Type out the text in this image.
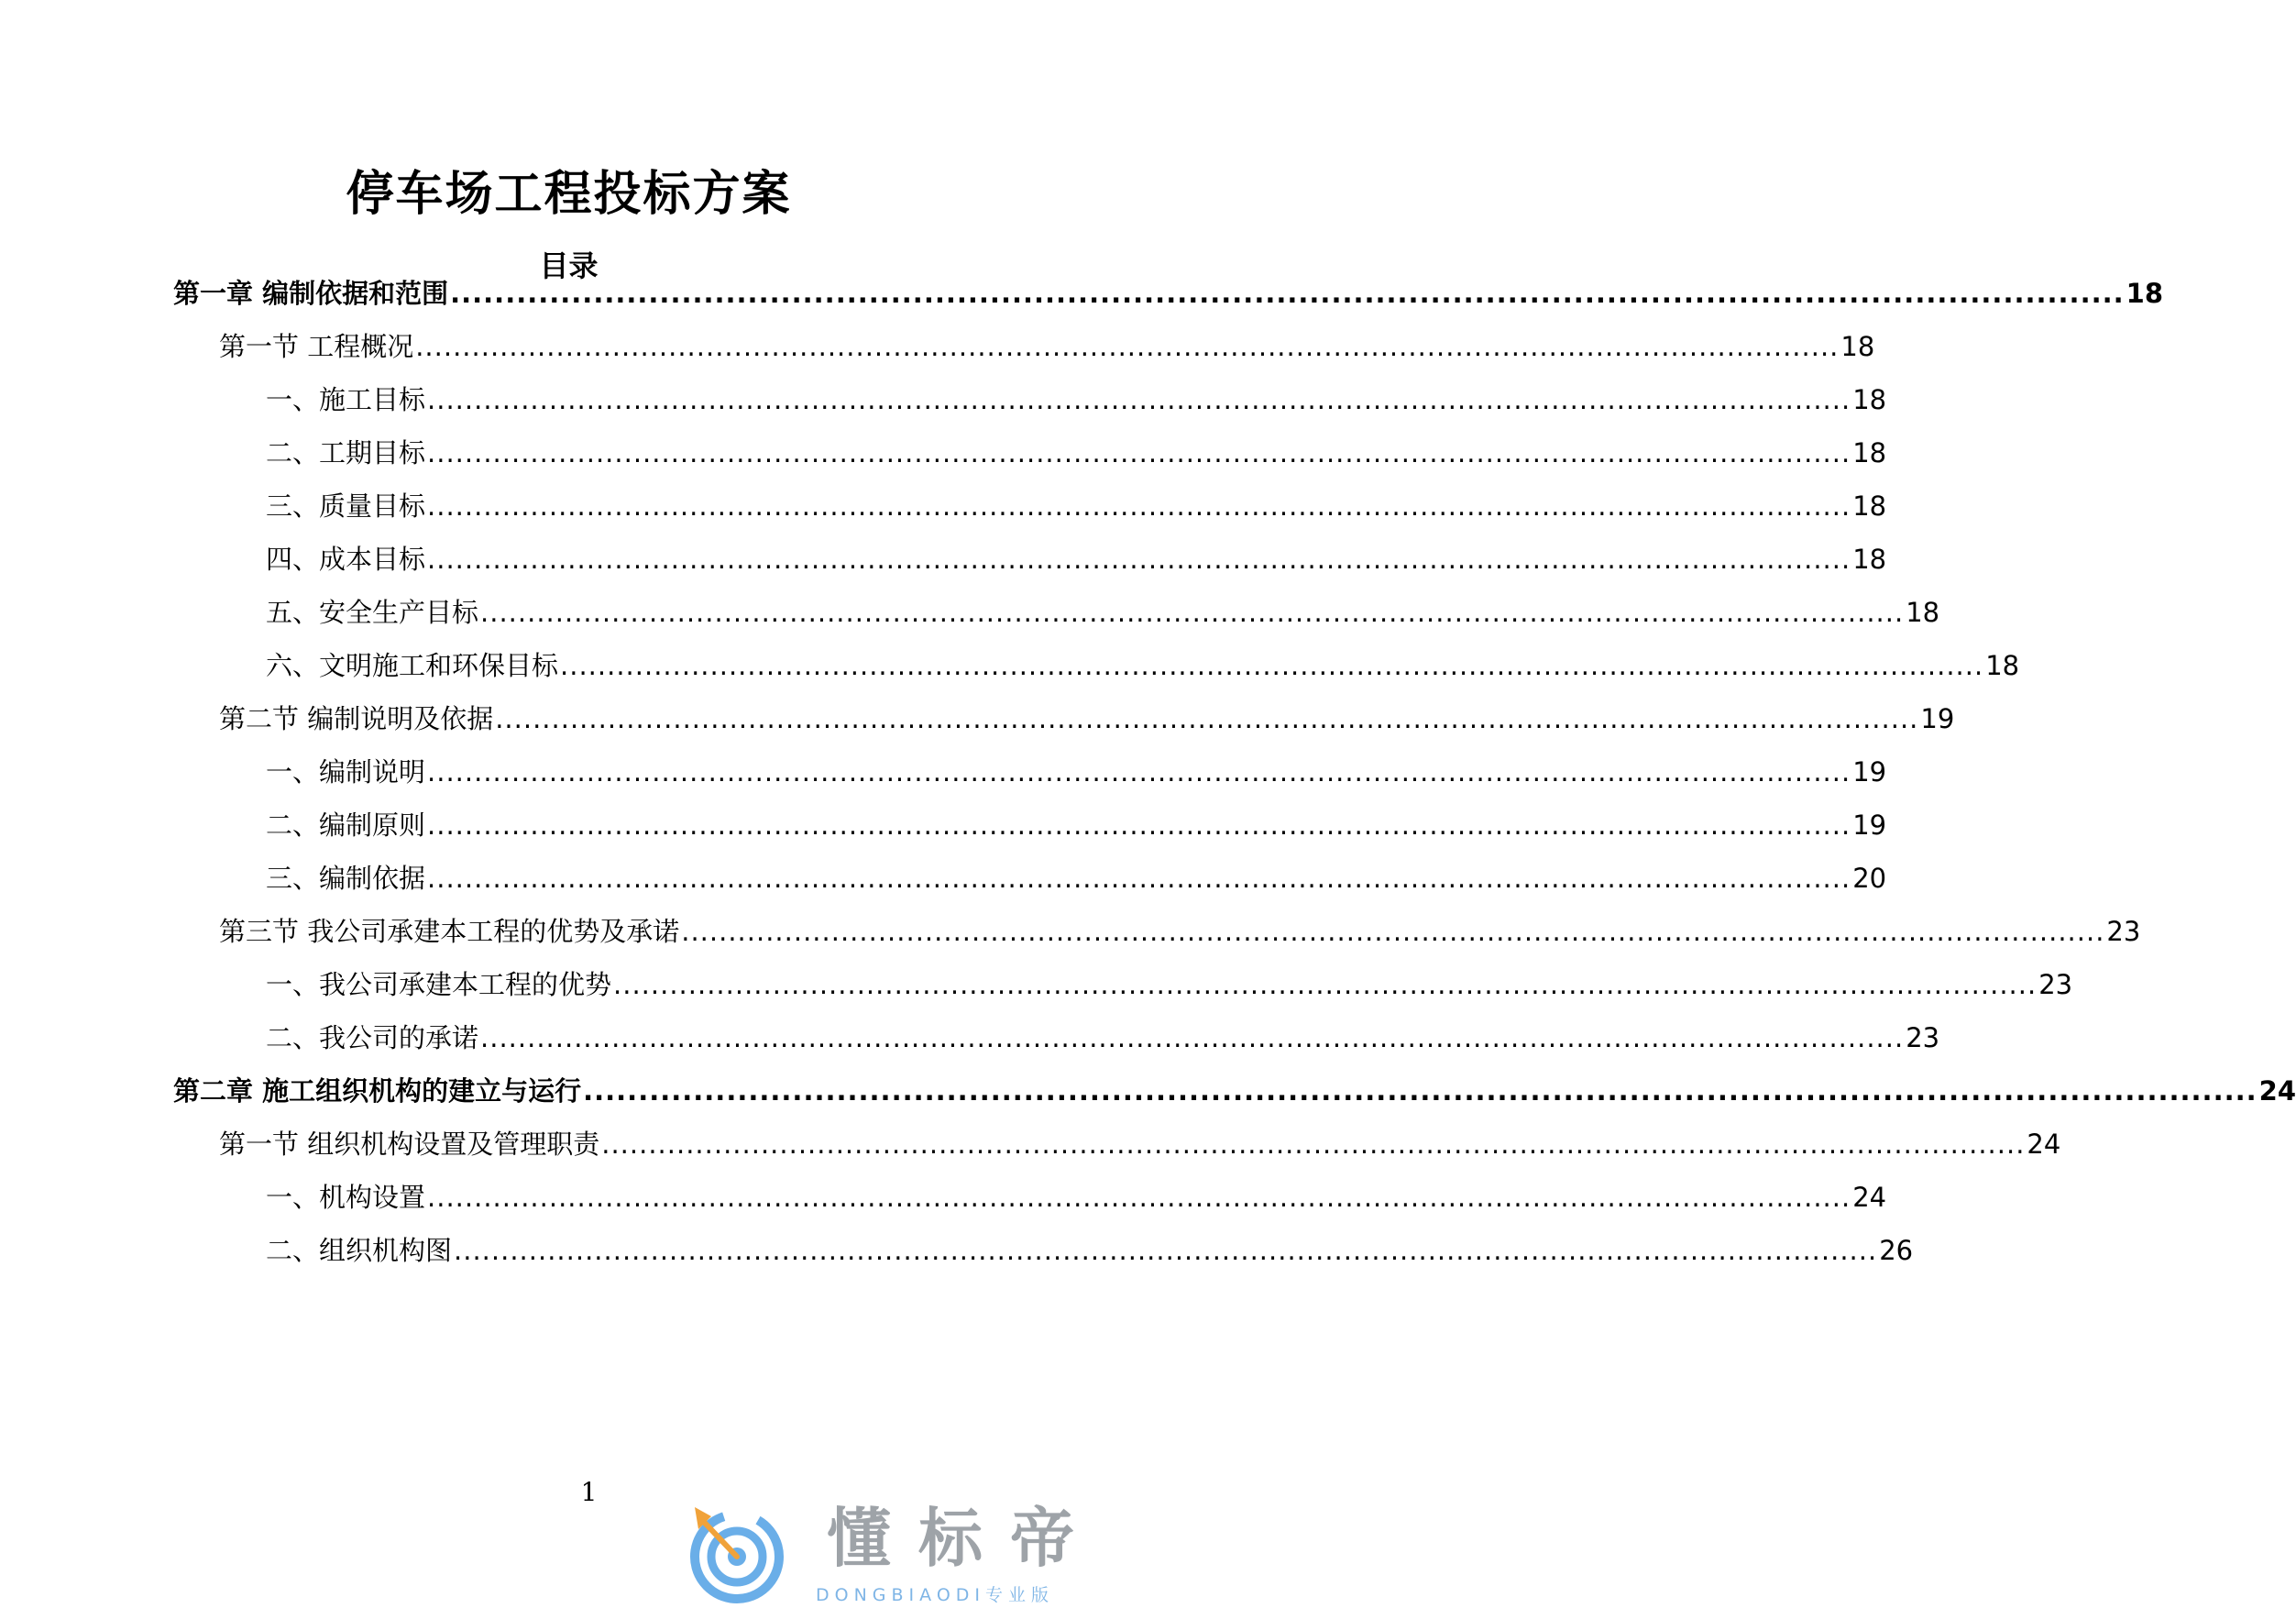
停车场工程投标方案
目录
第一章 编制依据和范围 ........................................................................................................................................................ 18
第一节 工程概况 ........................................................................................................................................................ 18
一、施工目标 ........................................................................................................................................................ 18
二、工期目标 ........................................................................................................................................................ 18
三、质量目标 ........................................................................................................................................................ 18
四、成本目标 ........................................................................................................................................................ 18
五、安全生产目标 ........................................................................................................................................................ 18
六、文明施工和环保目标 ........................................................................................................................................................ 18
第二节 编制说明及依据 ........................................................................................................................................................ 19
一、编制说明 ........................................................................................................................................................ 19
二、编制原则 ........................................................................................................................................................ 19
三、编制依据 ........................................................................................................................................................ 20
第三节 我公司承建本工程的优势及承诺 ........................................................................................................................................................ 23
一、我公司承建本工程的优势 ........................................................................................................................................................ 23
二、我公司的承诺 ........................................................................................................................................................ 23
第二章 施工组织机构的建立与运行 ........................................................................................................................................................ 24
第一节 组织机构设置及管理职责 ........................................................................................................................................................ 24
一、机构设置 ........................................................................................................................................................ 24
二、组织机构图 ........................................................................................................................................................ 26
1
懂标帝
DONGBIAODI专业版
